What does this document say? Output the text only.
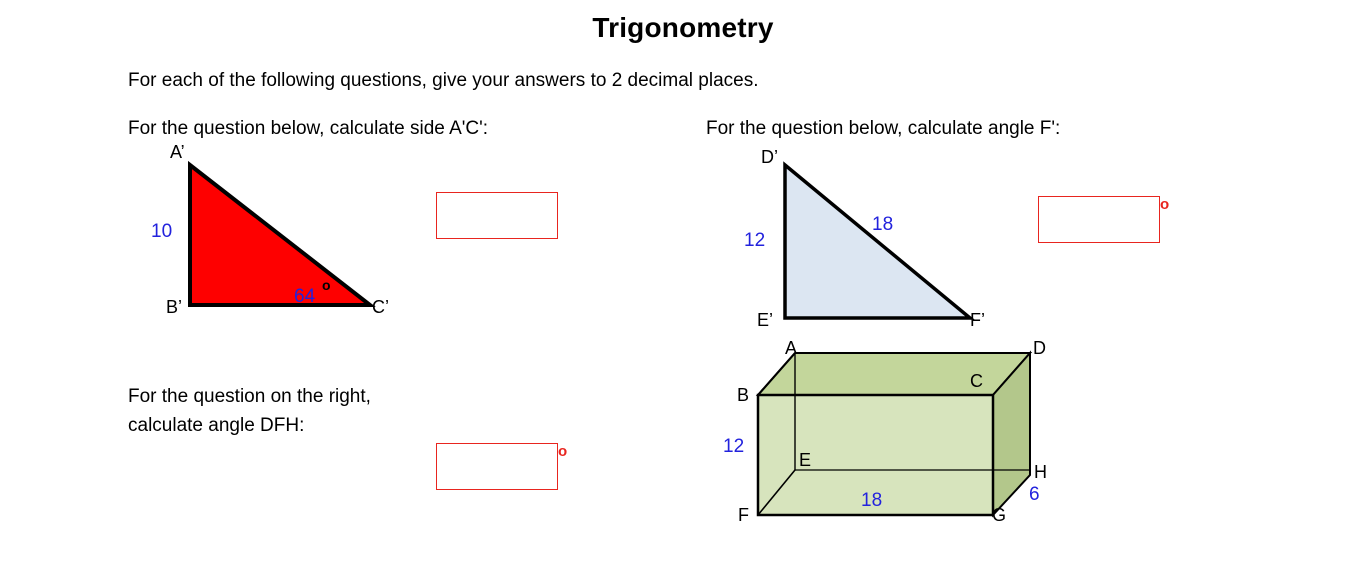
Trigonometry
For each of the following questions, give your answers to 2 decimal places.
For the question below, calculate side A'C':
A’
B’	C’
10
64
o
For the question below, calculate angle F':
D’
E’	F’
12
18
o
For the question on the right, calculate angle DFH:
o
A
B
C
D
E
F	G
H
12
18	6
